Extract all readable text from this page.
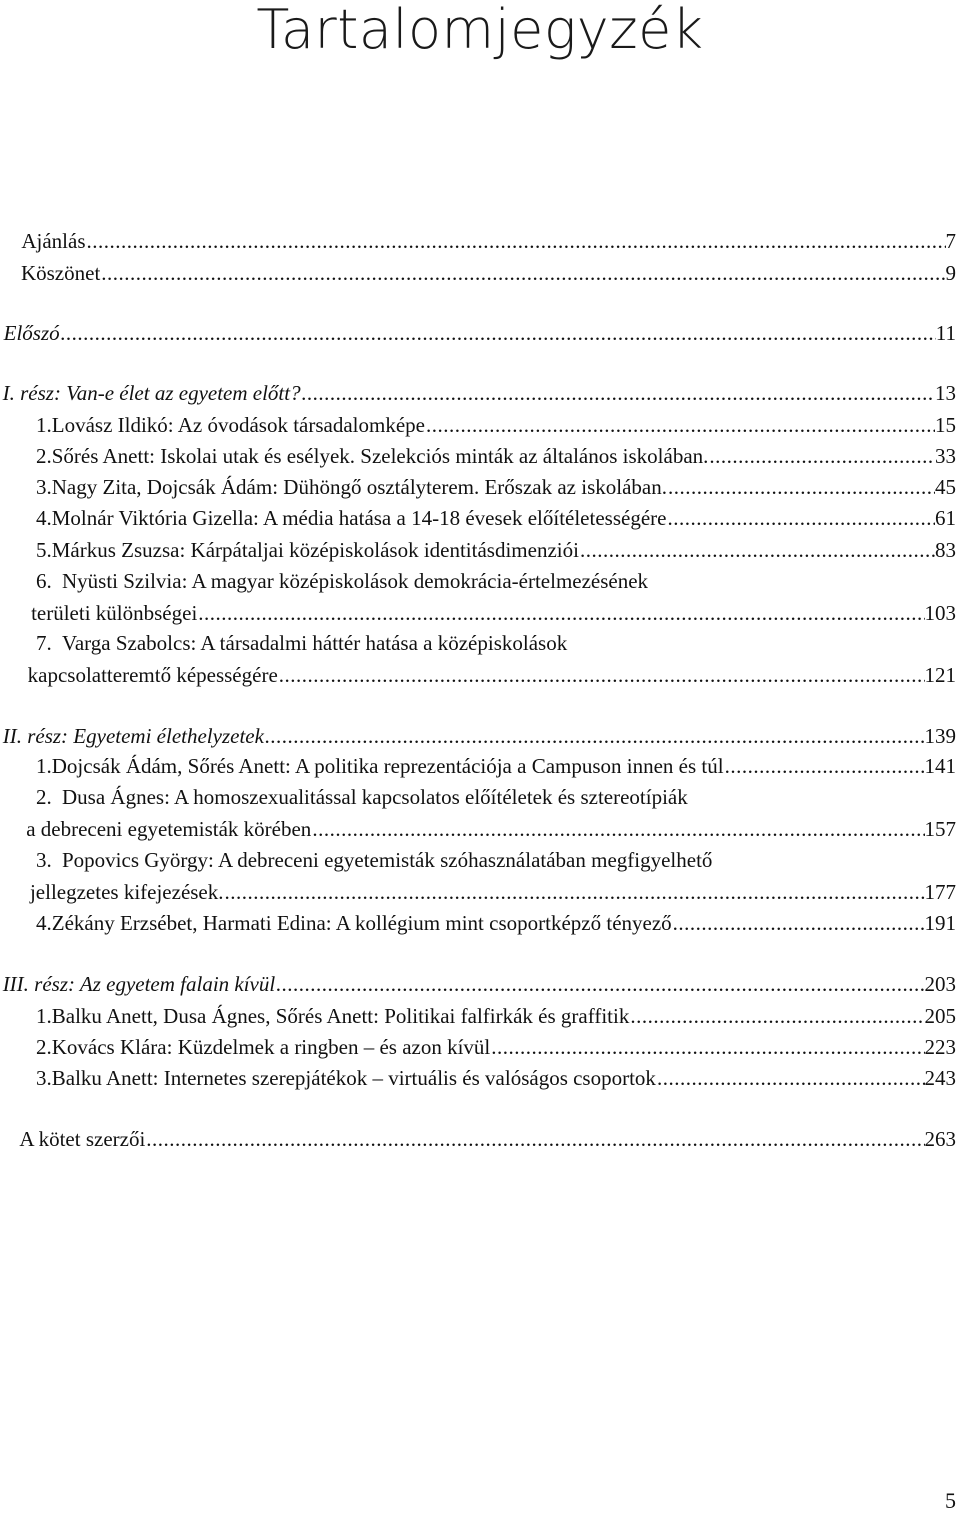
Tartalomjegyzék
Ajánlás .....	7
Köszönet .....	9
Előszó .....	11
I. rész: Van-e élet az egyetem előtt? .....	13
1. Lovász Ildikó: Az óvodások társadalomképe .....	15
2. Sőrés Anett: Iskolai utak és esélyek. Szelekciós minták az általános iskolában. .....	33
3. Nagy Zita, Dojcsák Ádám: Dühöngő osztályterem. Erőszak az iskolában. .....	45
4. Molnár Viktória Gizella: A média hatása a 14-18 évesek előítéletességére .....	61
5. Márkus Zsuzsa: Kárpátaljai középiskolások identitásdimenziói .....	83
6. Nyüsti Szilvia: A magyar középiskolások demokrácia-értelmezésének
területi különbségei .....	103
7. Varga Szabolcs: A társadalmi háttér hatása a középiskolások
kapcsolatteremtő képességére .....	121
II. rész: Egyetemi élethelyzetek .....	139
1. Dojcsák Ádám, Sőrés Anett: A politika reprezentációja a Campuson innen és túl .....	141
2. Dusa Ágnes: A homoszexualitással kapcsolatos előítéletek és sztereotípiák
a debreceni egyetemisták körében .....	157
3. Popovics György: A debreceni egyetemisták szóhasználatában megfigyelhető
jellegzetes kifejezések. .....	177
4. Zékány Erzsébet, Harmati Edina: A kollégium mint csoportképző tényező .....	191
III. rész: Az egyetem falain kívül .....	203
1. Balku Anett, Dusa Ágnes, Sőrés Anett: Politikai falfirkák és graffitik .....	205
2. Kovács Klára: Küzdelmek a ringben – és azon kívül .....	223
3. Balku Anett: Internetes szerepjátékok – virtuális és valóságos csoportok .....	243
A kötet szerzői .....	263
5
